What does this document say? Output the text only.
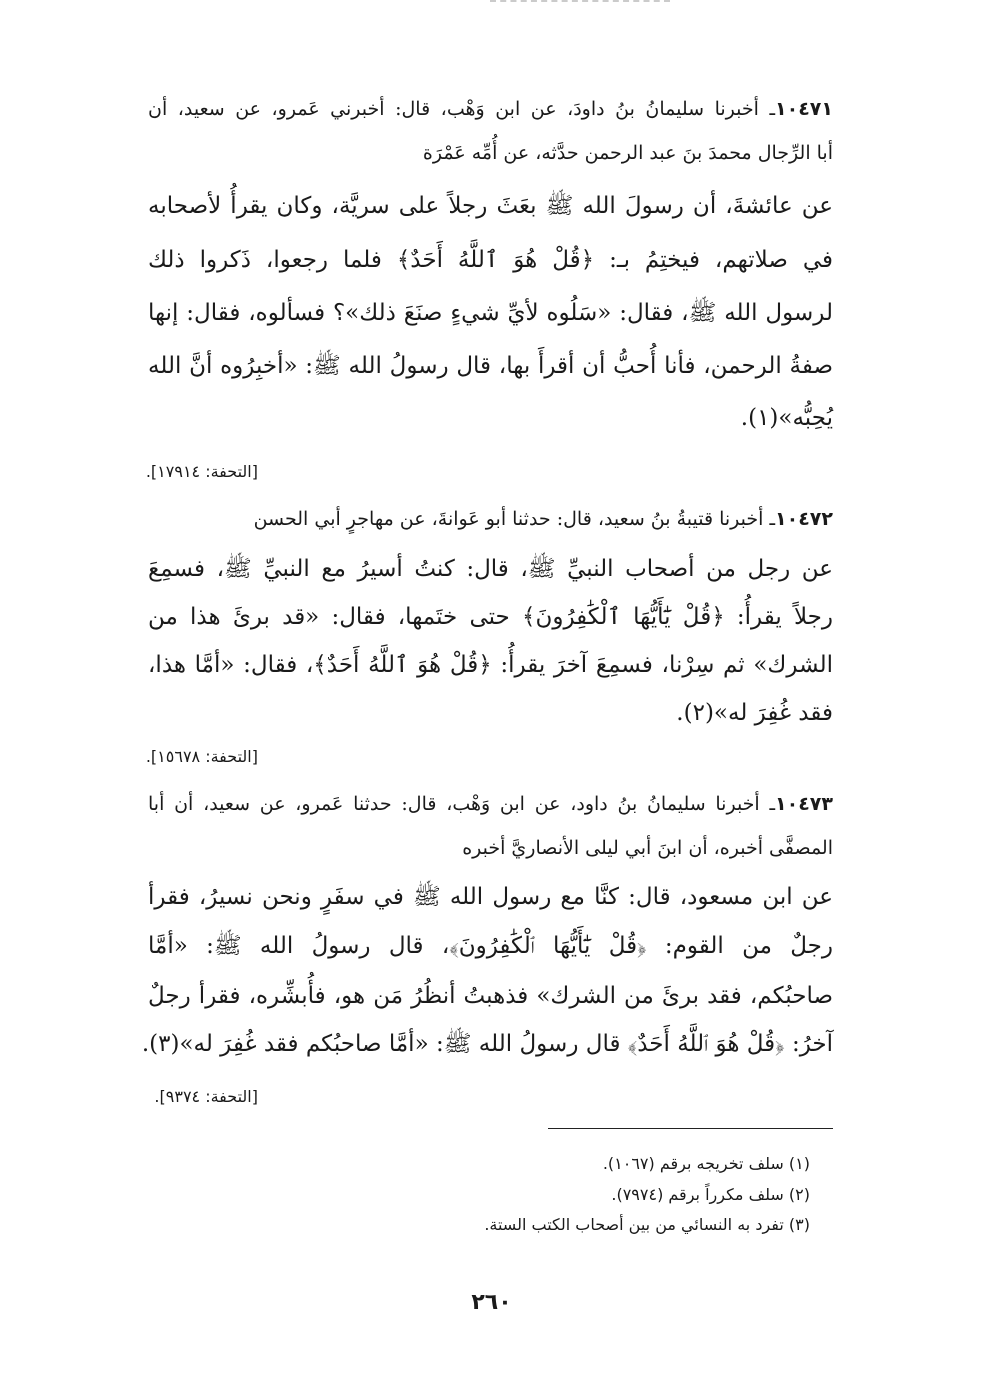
١٠٤٧١ـ أخبرنا سليمانُ بنُ داودَ، عن ابن وَهْب، قال: أخبرني عَمرو، عن سعيد، أن
أبا الرِّجال محمدَ بنَ عبد الرحمن حدَّثه، عن أُمِّه عَمْرَة
عن عائشةَ، أن رسولَ الله ﷺ بعَثَ رجلاً على سريَّة، وكان يقرأُ لأصحابه
في صلاتهم، فيختِمُ بـ: ﴿قُلْ هُوَ ٱللَّهُ أَحَدٌ﴾ فلما رجعوا، ذَكروا ذلك
لرسول الله ﷺ، فقال: «سَلُوه لأيِّ شيءٍ صنَعَ ذلك»؟ فسألوه، فقال: إنها
صفةُ الرحمن، فأنا أُحبُّ أن أقرأَ بها، قال رسولُ الله ﷺ: «أخبِرُوه أنَّ الله
يُحِبُّه»(١).
[التحفة: ١٧٩١٤].
١٠٤٧٢ـ أخبرنا قتيبةُ بنُ سعيد، قال: حدثنا أبو عَوانةَ، عن مهاجرٍ أبي الحسن
عن رجل من أصحاب النبيِّ ﷺ، قال: كنتُ أسيرُ مع النبيِّ ﷺ، فسمِعَ
رجلاً يقرأُ: ﴿قُلْ يَٰٓأَيُّهَا ٱلْكَٰفِرُونَ﴾ حتى ختَمها، فقال: «قد برئَ هذا من
الشرك» ثم سِرْنا، فسمِعَ آخرَ يقرأُ: ﴿قُلْ هُوَ ٱللَّهُ أَحَدٌ﴾، فقال: «أمَّا هذا،
فقد غُفِرَ له»(٢).
[التحفة: ١٥٦٧٨].
١٠٤٧٣ـ أخبرنا سليمانُ بنُ داود، عن ابن وَهْب، قال: حدثنا عَمرو، عن سعيد، أن أبا
المصفَّى أخبره، أن ابنَ أبي ليلى الأنصاريَّ أخبره
عن ابن مسعود، قال: كنَّا مع رسول الله ﷺ في سفَرٍ ونحن نسيرُ، فقرأ
رجلٌ من القوم: ﴿قُلْ يَٰٓأَيُّهَا ٱلْكَٰفِرُونَ﴾، قال رسولُ الله ﷺ: «أمَّا
صاحبُكم، فقد برئَ من الشرك» فذهبتُ أنظُرُ مَن هو، فأُبشِّره، فقرأ رجلٌ
آخرُ: ﴿قُلْ هُوَ ٱللَّهُ أَحَدٌ﴾ قال رسولُ الله ﷺ: «أمَّا صاحبُكم فقد غُفِرَ له»(٣).
[التحفة: ٩٣٧٤].
(١) سلف تخريجه برقم (١٠٦٧).
(٢) سلف مكرراً برقم (٧٩٧٤).
(٣) تفرد به النسائي من بين أصحاب الكتب الستة.
٢٦٠
